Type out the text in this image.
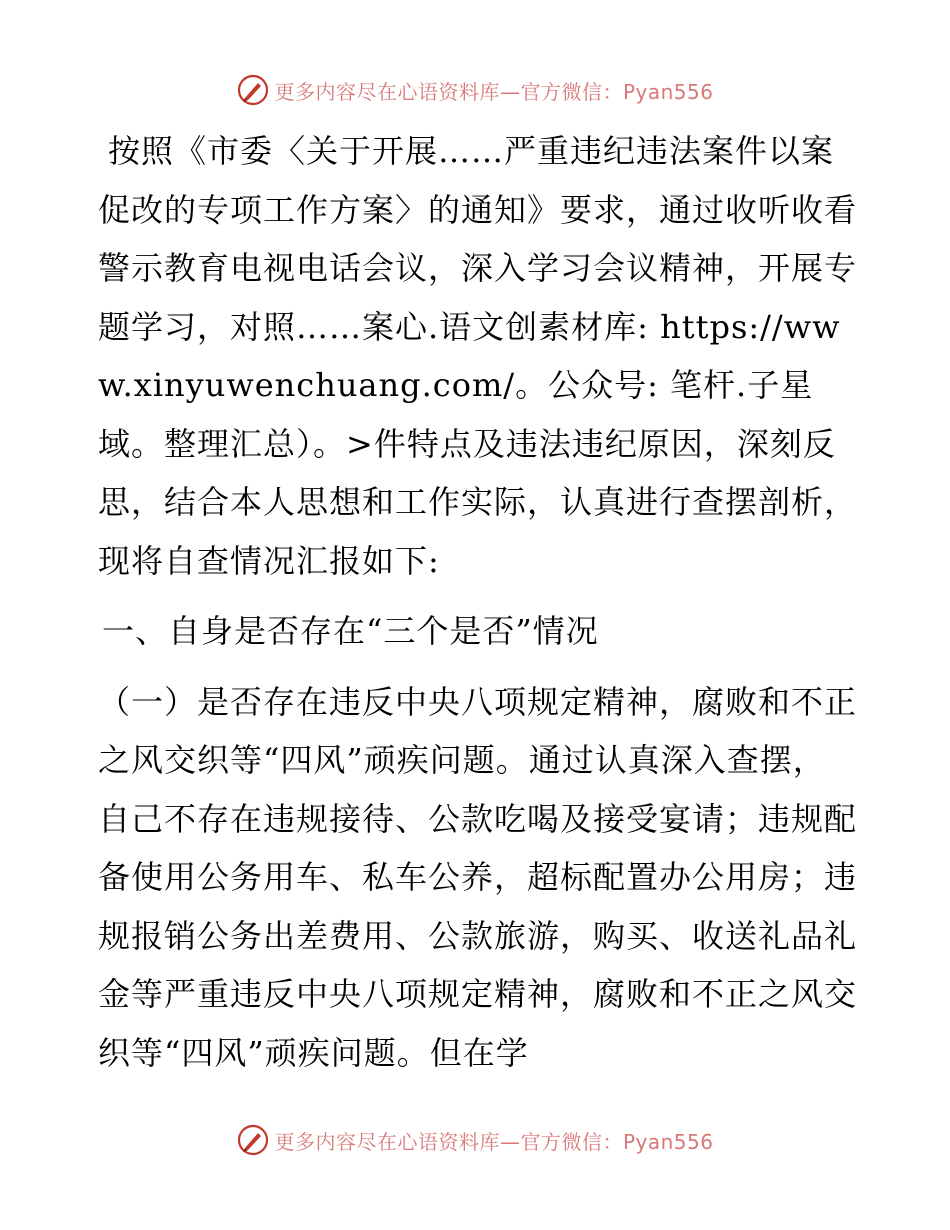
更多内容尽在心语资料库—官方微信：Pyan556

按照《市委〈关于开展……严重违纪违法案件以案促改的专项工作方案〉的通知》要求，通过收听收看警示教育电视电话会议，深入学习会议精神，开展专题学习，对照……案心.语文创素材库: https://www.xinyuwenchuang.com/。公众号: 笔杆.子星域。整理汇总）。>件特点及违法违纪原因，深刻反思，结合本人思想和工作实际，认真进行查摆剖析，现将自查情况汇报如下:

一、自身是否存在“三个是否”情况

（一）是否存在违反中央八项规定精神，腐败和不正之风交织等“四风”顽疾问题。通过认真深入查摆，自己不存在违规接待、公款吃喝及接受宴请；违规配备使用公务用车、私车公养，超标配置办公用房；违规报销公务出差费用、公款旅游，购买、收送礼品礼金等严重违反中央八项规定精神，腐败和不正之风交织等“四风”顽疾问题。但在学

更多内容尽在心语资料库—官方微信：Pyan556
